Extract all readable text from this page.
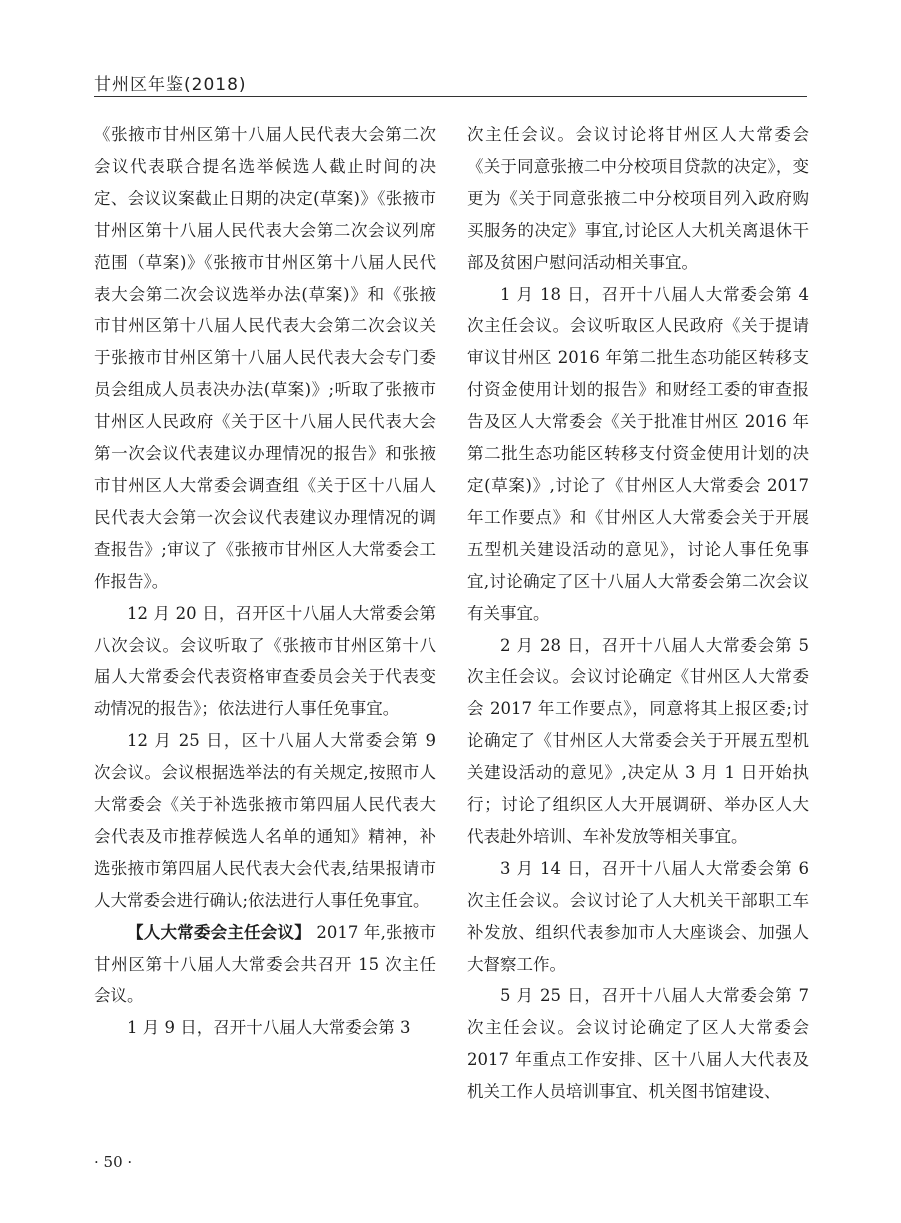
甘州区年鉴(2018)

《张掖市甘州区第十八届人民代表大会第二次会议代表联合提名选举候选人截止时间的决定、会议议案截止日期的决定(草案)》《张掖市甘州区第十八届人民代表大会第二次会议列席范围（草案)》《张掖市甘州区第十八届人民代表大会第二次会议选举办法(草案)》和《张掖市甘州区第十八届人民代表大会第二次会议关于张掖市甘州区第十八届人民代表大会专门委员会组成人员表决办法(草案)》;听取了张掖市甘州区人民政府《关于区十八届人民代表大会第一次会议代表建议办理情况的报告》和张掖市甘州区人大常委会调查组《关于区十八届人民代表大会第一次会议代表建议办理情况的调查报告》;审议了《张掖市甘州区人大常委会工作报告》。

12 月 20 日，召开区十八届人大常委会第八次会议。会议听取了《张掖市甘州区第十八届人大常委会代表资格审查委员会关于代表变动情况的报告》；依法进行人事任免事宜。

12 月 25 日，区十八届人大常委会第 9 次会议。会议根据选举法的有关规定,按照市人大常委会《关于补选张掖市第四届人民代表大会代表及市推荐候选人名单的通知》精神，补选张掖市第四届人民代表大会代表,结果报请市人大常委会进行确认;依法进行人事任免事宜。

【人大常委会主任会议】 2017 年,张掖市甘州区第十八届人大常委会共召开 15 次主任会议。

1 月 9 日，召开十八届人大常委会第 3

次主任会议。会议讨论将甘州区人大常委会《关于同意张掖二中分校项目贷款的决定》，变更为《关于同意张掖二中分校项目列入政府购买服务的决定》事宜,讨论区人大机关离退休干部及贫困户慰问活动相关事宜。

1 月 18 日，召开十八届人大常委会第 4 次主任会议。会议听取区人民政府《关于提请审议甘州区 2016 年第二批生态功能区转移支付资金使用计划的报告》和财经工委的审查报告及区人大常委会《关于批准甘州区 2016 年第二批生态功能区转移支付资金使用计划的决定(草案)》,讨论了《甘州区人大常委会 2017 年工作要点》和《甘州区人大常委会关于开展五型机关建设活动的意见》，讨论人事任免事宜,讨论确定了区十八届人大常委会第二次会议有关事宜。

2 月 28 日，召开十八届人大常委会第 5 次主任会议。会议讨论确定《甘州区人大常委会 2017 年工作要点》，同意将其上报区委;讨论确定了《甘州区人大常委会关于开展五型机关建设活动的意见》,决定从 3 月 1 日开始执行；讨论了组织区人大开展调研、举办区人大代表赴外培训、车补发放等相关事宜。

3 月 14 日，召开十八届人大常委会第 6 次主任会议。会议讨论了人大机关干部职工车补发放、组织代表参加市人大座谈会、加强人大督察工作。

5 月 25 日，召开十八届人大常委会第 7 次主任会议。会议讨论确定了区人大常委会 2017 年重点工作安排、区十八届人大代表及机关工作人员培训事宜、机关图书馆建设、

· 50 ·
